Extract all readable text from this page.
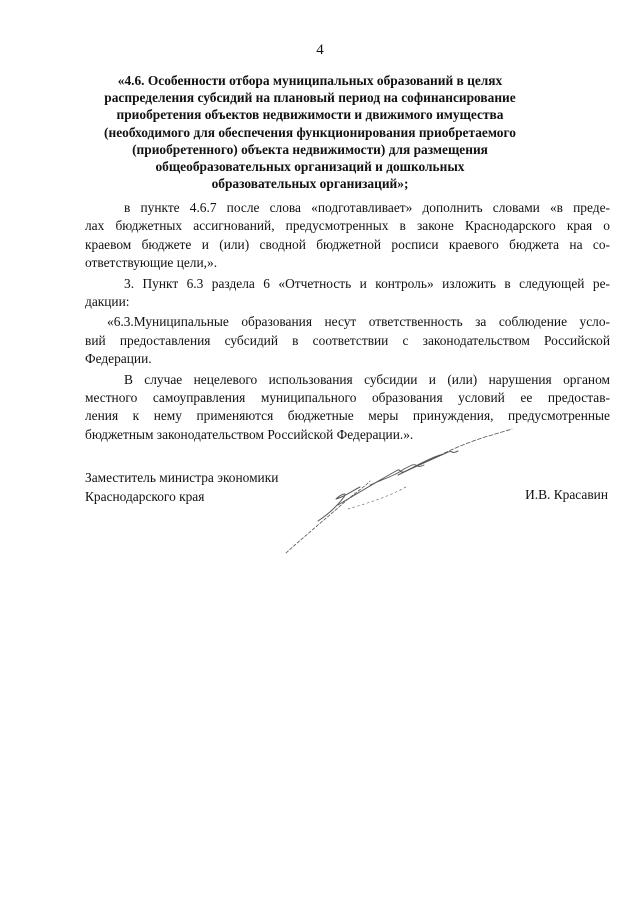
4
«4.6. Особенности отбора муниципальных образований в целях
распределения субсидий на плановый период на софинансирование
приобретения объектов недвижимости и движимого имущества
(необходимого для обеспечения функционирования приобретаемого
(приобретенного) объекта недвижимости) для размещения
общеобразовательных организаций и дошкольных
образовательных организаций»;
в пункте 4.6.7 после слова «подготавливает» дополнить словами «в преде-
лах бюджетных ассигнований, предусмотренных в законе Краснодарского края о
краевом бюджете и (или) сводной бюджетной росписи краевого бюджета на со-
ответствующие цели,».
3. Пункт 6.3 раздела 6 «Отчетность и контроль» изложить в следующей ре-
дакции:
«6.3.Муниципальные образования несут ответственность за соблюдение усло-
вий предоставления субсидий в соответствии с законодательством Российской
Федерации.
В случае нецелевого использования субсидии и (или) нарушения органом
местного самоуправления муниципального образования условий ее предостав-
ления к нему применяются бюджетные меры принуждения, предусмотренные
бюджетным законодательством Российской Федерации.».
Заместитель министра экономики
Краснодарского края	И.В. Красавин
